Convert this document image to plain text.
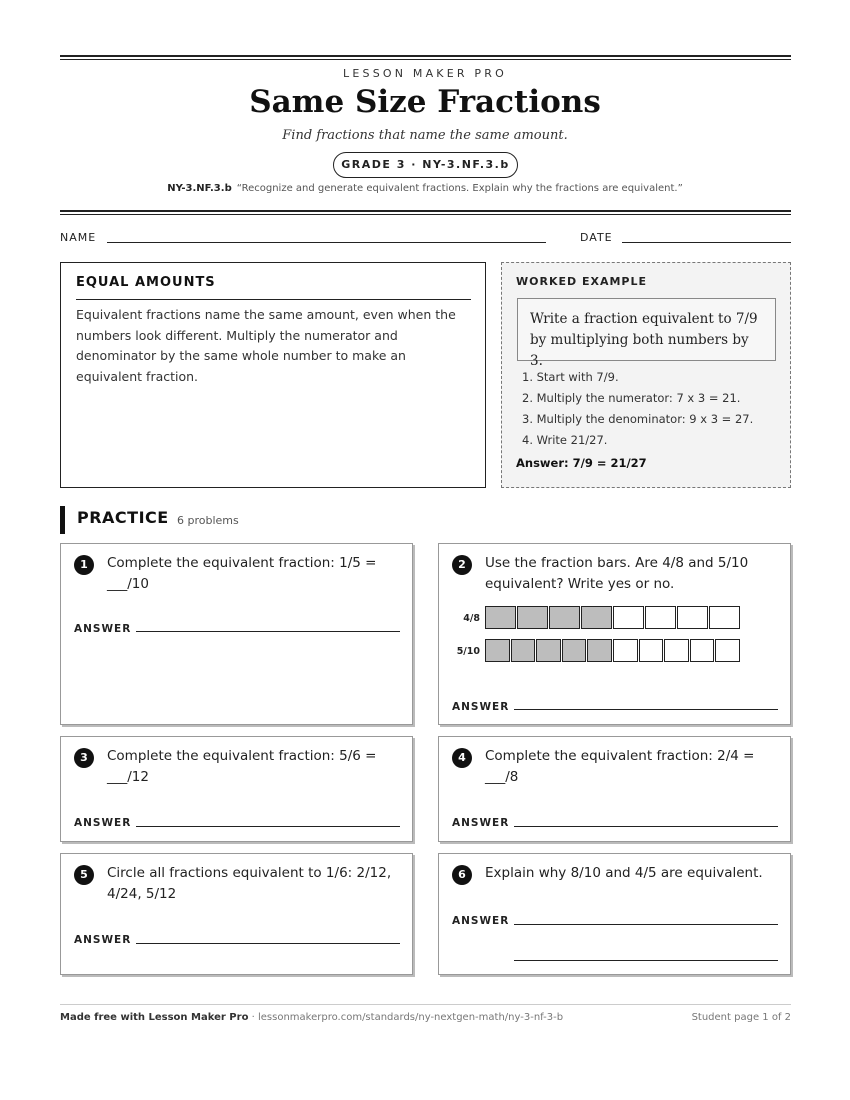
LESSON MAKER PRO
Same Size Fractions
Find fractions that name the same amount.
GRADE 3 · NY-3.NF.3.b
NY-3.NF.3.b “Recognize and generate equivalent fractions. Explain why the fractions are equivalent.”
NAME	DATE
EQUAL AMOUNTS
Equivalent fractions name the same amount, even when the numbers look different. Multiply the numerator and denominator by the same whole number to make an equivalent fraction.
WORKED EXAMPLE
Write a fraction equivalent to 7/9 by multiplying both numbers by 3.
1. Start with 7/9.
2. Multiply the numerator: 7 x 3 = 21.
3. Multiply the denominator: 9 x 3 = 27.
4. Write 21/27.
Answer: 7/9 = 21/27
PRACTICE 6 problems
1	Complete the equivalent fraction: 1/5 = ___/10
ANSWER
2	Use the fraction bars. Are 4/8 and 5/10 equivalent? Write yes or no.
4/8
5/10
ANSWER
3	Complete the equivalent fraction: 5/6 = ___/12
ANSWER
4	Complete the equivalent fraction: 2/4 = ___/8
ANSWER
5	Circle all fractions equivalent to 1/6: 2/12, 4/24, 5/12
ANSWER
6	Explain why 8/10 and 4/5 are equivalent.
ANSWER
Made free with Lesson Maker Pro · lessonmakerpro.com/standards/ny-nextgen-math/ny-3-nf-3-b	Student page 1 of 2
